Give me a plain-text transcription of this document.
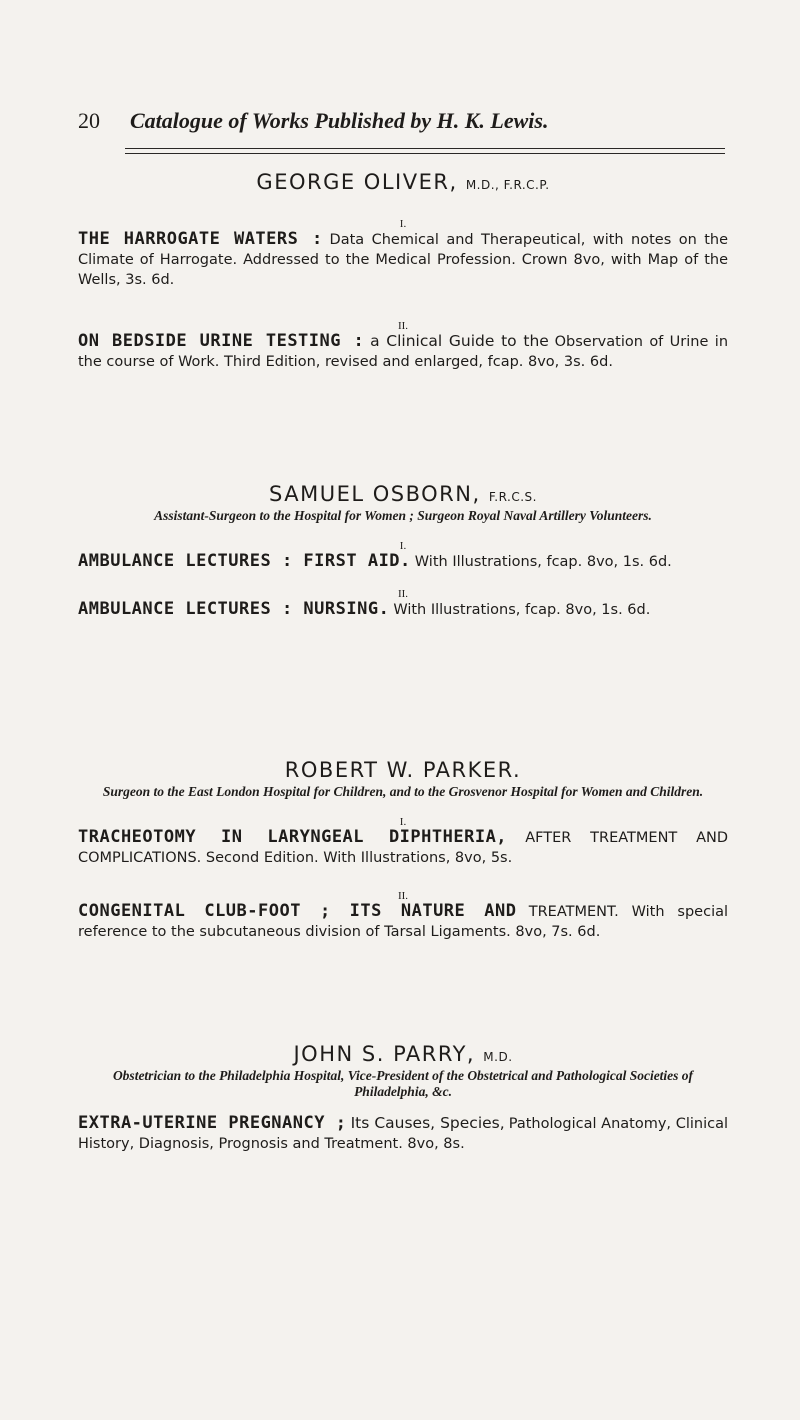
20 Catalogue of Works Published by H. K. Lewis.
GEORGE OLIVER, M.D., F.R.C.P.
I.
THE HARROGATE WATERS : Data Chemical and Therapeutical, with notes on the Climate of Harrogate. Addressed to the Medical Profession. Crown 8vo, with Map of the Wells, 3s. 6d.
II.
ON BEDSIDE URINE TESTING : a Clinical Guide to the Observation of Urine in the course of Work. Third Edition, revised and enlarged, fcap. 8vo, 3s. 6d.
SAMUEL OSBORN, F.R.C.S.
Assistant-Surgeon to the Hospital for Women ; Surgeon Royal Naval Artillery Volunteers.
I.
AMBULANCE LECTURES : FIRST AID. With Illustrations, fcap. 8vo, 1s. 6d.
II.
AMBULANCE LECTURES : NURSING. With Illustrations, fcap. 8vo, 1s. 6d.
ROBERT W. PARKER.
Surgeon to the East London Hospital for Children, and to the Grosvenor Hospital for Women and Children.
I.
TRACHEOTOMY IN LARYNGEAL DIPHTHERIA, AFTER TREATMENT AND COMPLICATIONS. Second Edition. With Illustrations, 8vo, 5s.
II.
CONGENITAL CLUB-FOOT ; ITS NATURE AND TREATMENT. With special reference to the subcutaneous division of Tarsal Ligaments. 8vo, 7s. 6d.
JOHN S. PARRY, M.D.
Obstetrician to the Philadelphia Hospital, Vice-President of the Obstetrical and Pathological Societies of Philadelphia, &c.
EXTRA-UTERINE PREGNANCY ; Its Causes, Species, Pathological Anatomy, Clinical History, Diagnosis, Prognosis and Treatment. 8vo, 8s.
